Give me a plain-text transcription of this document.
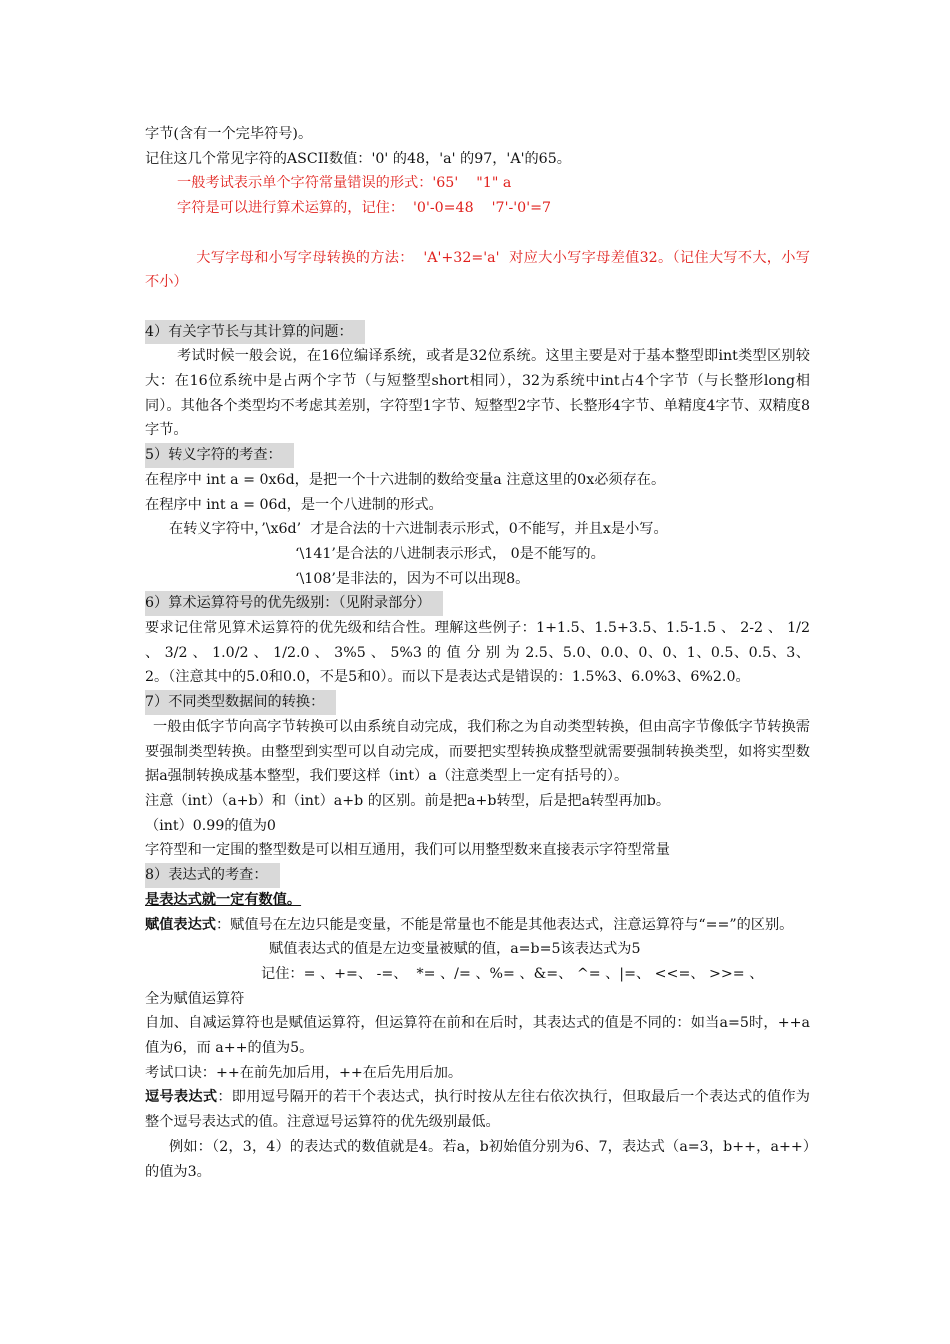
字节(含有一个完毕符号)。

记住这几个常见字符的ASCII数值：'0' 的48，'a' 的97，'A'的65。

一般考试表示单个字符常量错误的形式：'65'    "1" a

字符是可以进行算术运算的，记住：  '0'-0=48    '7'-'0'=7

大写字母和小写字母转换的方法：  'A'+32='a'  对应大小写字母差值32。（记住大写不大，小写不小）

4）有关字节长与其计算的问题：

考试时候一般会说，在16位编译系统，或者是32位系统。这里主要是对于基本整型即int类型区别较大：在16位系统中是占两个字节（与短整型short相同），32为系统中int占4个字节（与长整形long相同）。其他各个类型均不考虑其差别，字符型1字节、短整型2字节、长整形4字节、单精度4字节、双精度8字节。

5）转义字符的考查：

在程序中 int a = 0x6d，是把一个十六进制的数给变量a 注意这里的0x必须存在。

在程序中 int a = 06d，是一个八进制的形式。

在转义字符中，’\x6d’  才是合法的十六进制表示形式，0不能写，并且x是小写。

‘\141’是合法的八进制表示形式， 0是不能写的。

‘\108’是非法的，因为不可以出现8。

6）算术运算符号的优先级别：（见附录部分）

要求记住常见算术运算符的优先级和结合性。理解这些例子：1+1.5、1.5+3.5、1.5-1.5 、 2-2 、 1/2 、 3/2 、 1.0/2 、 1/2.0 、 3%5 、 5%3 的 值 分 别 为 2.5、5.0、0.0、0、0、1、0.5、0.5、3、2。（注意其中的5.0和0.0，不是5和0）。而以下是表达式是错误的：1.5%3、6.0%3、6%2.0。

7）不同类型数据间的转换：

一般由低字节向高字节转换可以由系统自动完成，我们称之为自动类型转换，但由高字节像低字节转换需要强制类型转换。由整型到实型可以自动完成，而要把实型转换成整型就需要强制转换类型，如将实型数据a强制转换成基本整型，我们要这样（int）a（注意类型上一定有括号的）。

注意（int）（a+b）和（int）a+b 的区别。前是把a+b转型，后是把a转型再加b。

（int）0.99的值为0

字符型和一定围的整型数是可以相互通用，我们可以用整型数来直接表示字符型常量

8）表达式的考查：

是表达式就一定有数值。

赋值表达式：赋值号在左边只能是变量，不能是常量也不能是其他表达式，注意运算符与“==”的区别。

赋值表达式的值是左边变量被赋的值，a=b=5该表达式为5

记住：= 、+=、 -=、  *= 、/= 、%= 、&=、 ^= 、|=、 <<=、 >>= 、

全为赋值运算符

自加、自减运算符也是赋值运算符，但运算符在前和在后时，其表达式的值是不同的：如当a=5时，++a值为6，而 a++的值为5。

考试口诀：++在前先加后用，++在后先用后加。

逗号表达式：即用逗号隔开的若干个表达式，执行时按从左往右依次执行，但取最后一个表达式的值作为整个逗号表达式的值。注意逗号运算符的优先级别最低。

例如：（2，3，4）的表达式的数值就是4。若a，b初始值分别为6、7，表达式（a=3，b++，a++）的值为3。
